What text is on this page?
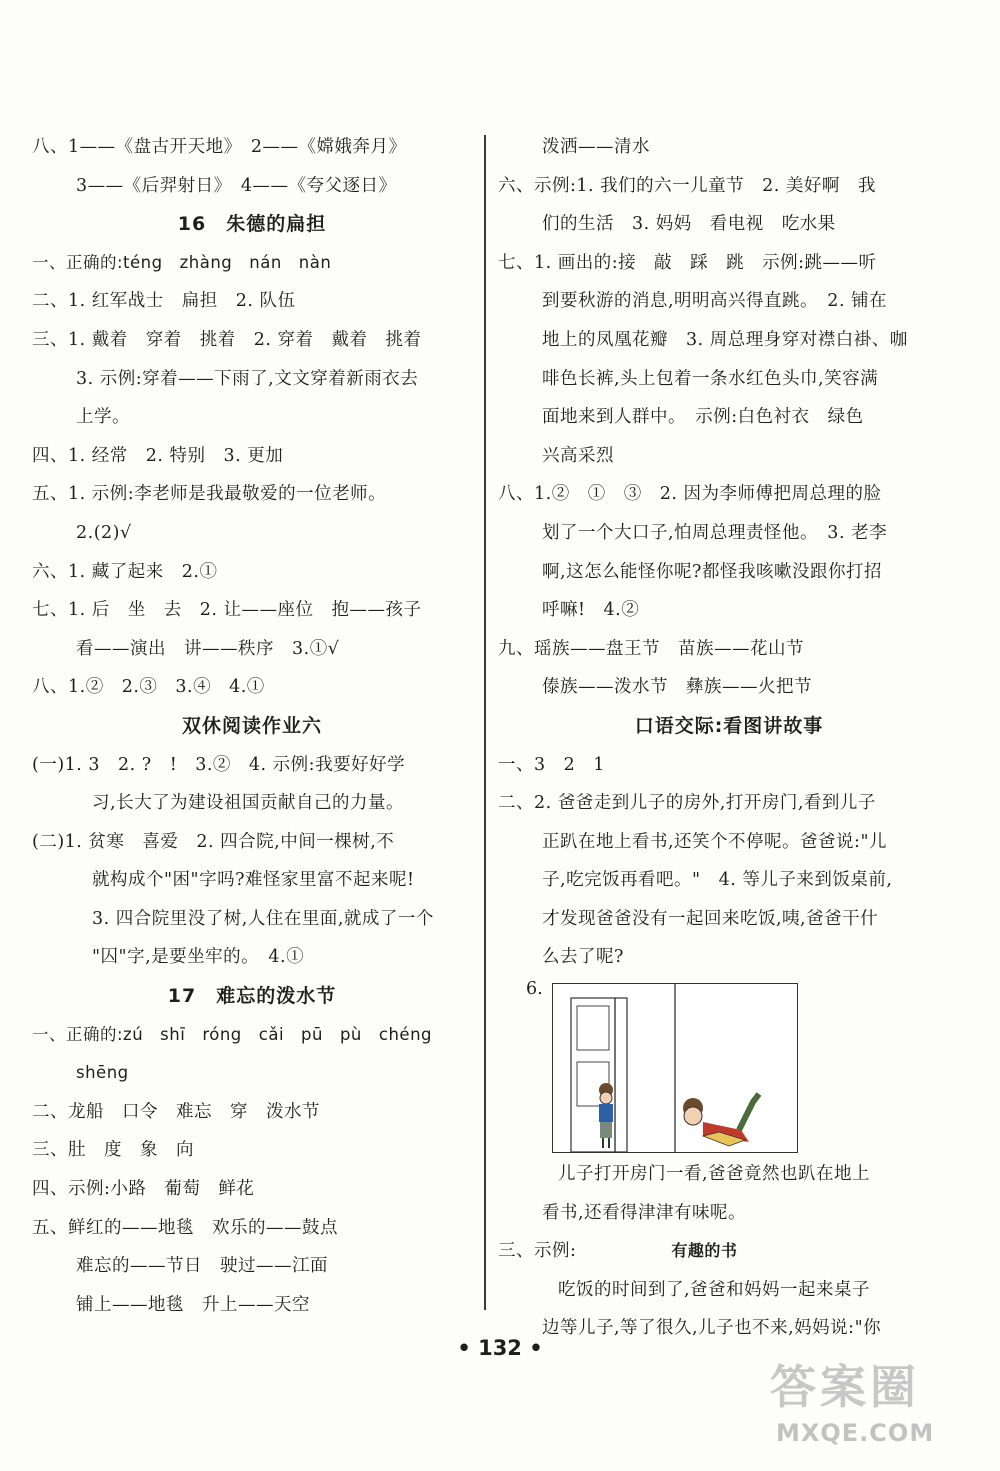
八、1——《盘古开天地》　2——《嫦娥奔月》
3——《后羿射日》　4——《夸父逐日》
16　朱德的扁担
一、正确的:téng　zhàng　nán　nàn
二、1. 红军战士　扁担　2. 队伍
三、1. 戴着　穿着　挑着　2. 穿着　戴着　挑着
3. 示例:穿着——下雨了,文文穿着新雨衣去
上学。
四、1. 经常　2. 特别　3. 更加
五、1. 示例:李老师是我最敬爱的一位老师。
2.(2)√
六、1. 藏了起来　2.①
七、1. 后　坐　去　2. 让——座位　抱——孩子
看——演出　讲——秩序　3.①√
八、1.②　2.③　3.④　4.①
双休阅读作业六
(一)1. 3　2. ?　!　3.②　4. 示例:我要好好学
习,长大了为建设祖国贡献自己的力量。
(二)1. 贫寒　喜爱　2. 四合院,中间一棵树,不
就构成个"困"字吗?难怪家里富不起来呢!
3. 四合院里没了树,人住在里面,就成了一个
"囚"字,是要坐牢的。　4.①
17　难忘的泼水节
一、正确的:zú　shī　róng　cǎi　pū　pù　chéng
shēng
二、龙船　口令　难忘　穿　泼水节
三、肚　度　象　向
四、示例:小路　葡萄　鲜花
五、鲜红的——地毯　欢乐的——鼓点
难忘的——节日　驶过——江面
铺上——地毯　升上——天空
泼洒——清水
六、示例:1. 我们的六一儿童节　2. 美好啊　我
们的生活　3. 妈妈　看电视　吃水果
七、1. 画出的:接　敲　踩　跳　示例:跳——听
到要秋游的消息,明明高兴得直跳。　2. 铺在
地上的凤凰花瓣　3. 周总理身穿对襟白褂、咖
啡色长裤,头上包着一条水红色头巾,笑容满
面地来到人群中。　示例:白色衬衣　绿色
兴高采烈
八、1.②　①　③　2. 因为李师傅把周总理的脸
划了一个大口子,怕周总理责怪他。　3. 老李
啊,这怎么能怪你呢?都怪我咳嗽没跟你打招
呼嘛!　4.②
九、瑶族——盘王节　苗族——花山节
傣族——泼水节　彝族——火把节
口语交际:看图讲故事
一、3　2　1
二、2. 爸爸走到儿子的房外,打开房门,看到儿子
正趴在地上看书,还笑个不停呢。爸爸说:"儿
子,吃完饭再看吧。"　4. 等儿子来到饭桌前,
才发现爸爸没有一起回来吃饭,咦,爸爸干什
么去了呢?
6.
儿子打开房门一看,爸爸竟然也趴在地上
看书,还看得津津有味呢。
三、示例:	有趣的书
吃饭的时间到了,爸爸和妈妈一起来桌子
边等儿子,等了很久,儿子也不来,妈妈说:"你
• 132 •
答案圈
MXQE.COM
